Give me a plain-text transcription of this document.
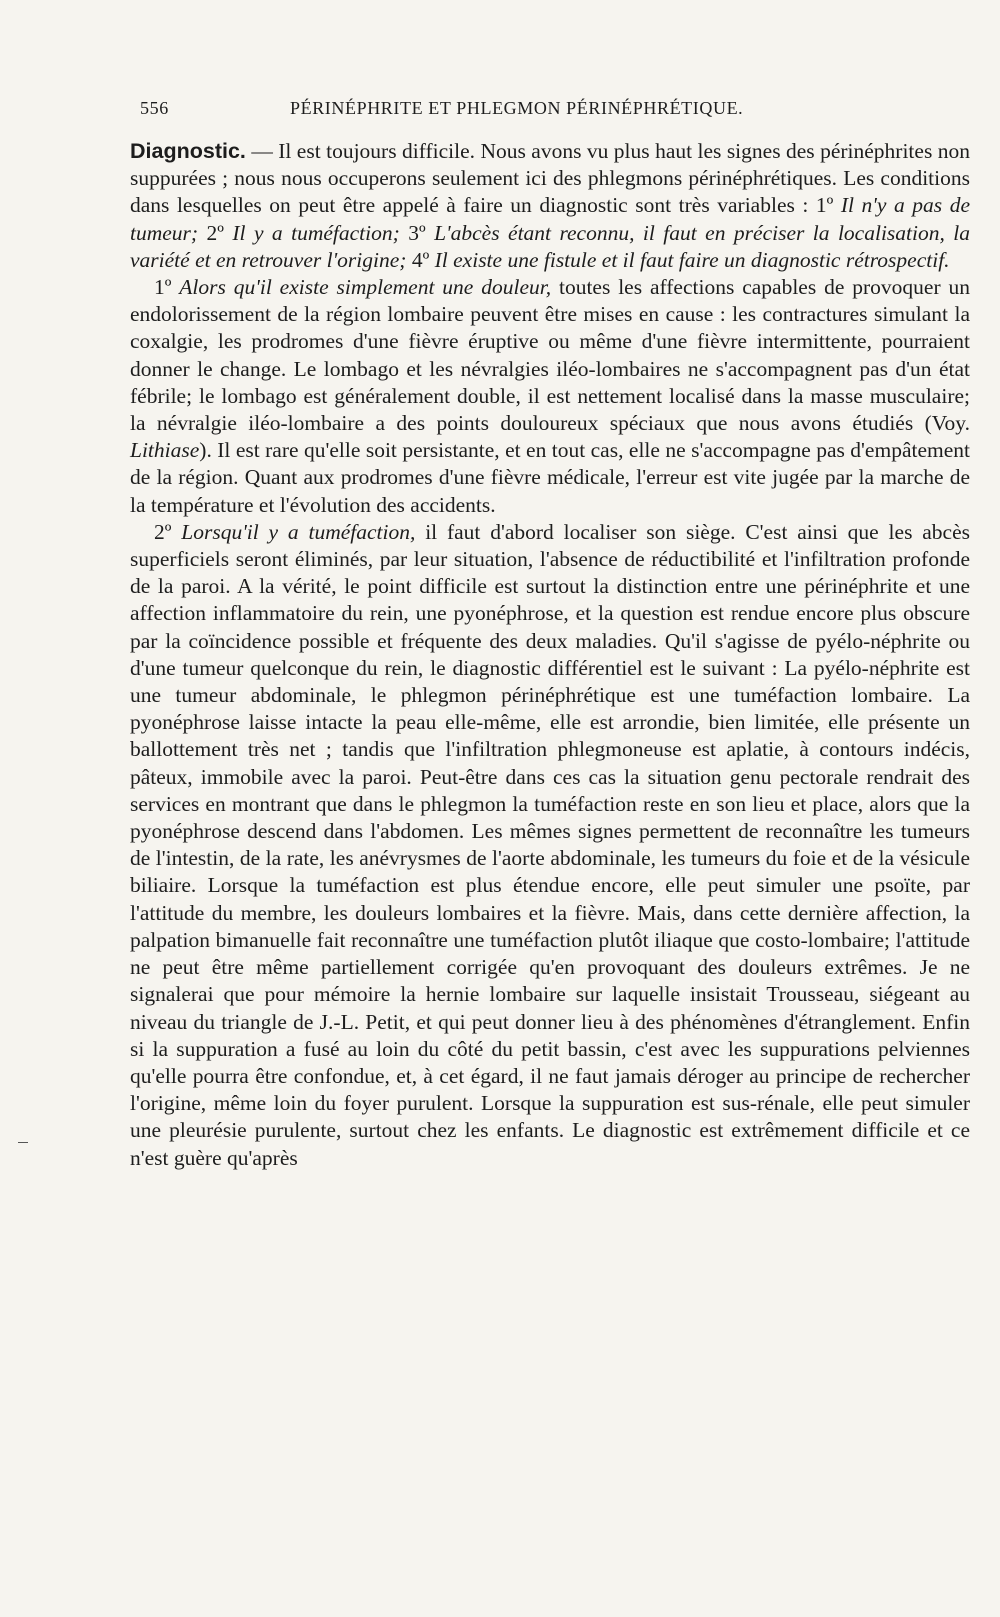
556	PÉRINÉPHRITE ET PHLEGMON PÉRINÉPHRÉTIQUE.

Diagnostic. — Il est toujours difficile. Nous avons vu plus haut les signes des périnéphrites non suppurées ; nous nous occuperons seulement ici des phlegmons périnéphrétiques. Les conditions dans lesquelles on peut être appelé à faire un diagnostic sont très variables : 1º Il n'y a pas de tumeur; 2º Il y a tuméfaction; 3º L'abcès étant reconnu, il faut en préciser la localisation, la variété et en retrouver l'origine; 4º Il existe une fistule et il faut faire un diagnostic rétrospectif.

1º Alors qu'il existe simplement une douleur, toutes les affections capables de provoquer un endolorissement de la région lombaire peuvent être mises en cause : les contractures simulant la coxalgie, les prodromes d'une fièvre éruptive ou même d'une fièvre intermittente, pourraient donner le change. Le lombago et les névralgies iléo-lombaires ne s'accompagnent pas d'un état fébrile; le lombago est généralement double, il est nettement localisé dans la masse musculaire; la névralgie iléo-lombaire a des points douloureux spéciaux que nous avons étudiés (Voy. Lithiase). Il est rare qu'elle soit persistante, et en tout cas, elle ne s'accompagne pas d'empâtement de la région. Quant aux prodromes d'une fièvre médicale, l'erreur est vite jugée par la marche de la température et l'évolution des accidents.

2º Lorsqu'il y a tuméfaction, il faut d'abord localiser son siège. C'est ainsi que les abcès superficiels seront éliminés, par leur situation, l'absence de réductibilité et l'infiltration profonde de la paroi. A la vérité, le point difficile est surtout la distinction entre une périnéphrite et une affection inflammatoire du rein, une pyonéphrose, et la question est rendue encore plus obscure par la coïncidence possible et fréquente des deux maladies. Qu'il s'agisse de pyélo-néphrite ou d'une tumeur quelconque du rein, le diagnostic différentiel est le suivant : La pyélo-néphrite est une tumeur abdominale, le phlegmon périnéphrétique est une tuméfaction lombaire. La pyonéphrose laisse intacte la peau elle-même, elle est arrondie, bien limitée, elle présente un ballottement très net ; tandis que l'infiltration phlegmoneuse est aplatie, à contours indécis, pâteux, immobile avec la paroi. Peut-être dans ces cas la situation genu pectorale rendrait des services en montrant que dans le phlegmon la tuméfaction reste en son lieu et place, alors que la pyonéphrose descend dans l'abdomen. Les mêmes signes permettent de reconnaître les tumeurs de l'intestin, de la rate, les anévrysmes de l'aorte abdominale, les tumeurs du foie et de la vésicule biliaire. Lorsque la tuméfaction est plus étendue encore, elle peut simuler une psoïte, par l'attitude du membre, les douleurs lombaires et la fièvre. Mais, dans cette dernière affection, la palpation bimanuelle fait reconnaître une tuméfaction plutôt iliaque que costo-lombaire; l'attitude ne peut être même partiellement corrigée qu'en provoquant des douleurs extrêmes. Je ne signalerai que pour mémoire la hernie lombaire sur laquelle insistait Trousseau, siégeant au niveau du triangle de J.-L. Petit, et qui peut donner lieu à des phénomènes d'étranglement. Enfin si la suppuration a fusé au loin du côté du petit bassin, c'est avec les suppurations pelviennes qu'elle pourra être confondue, et, à cet égard, il ne faut jamais déroger au principe de rechercher l'origine, même loin du foyer purulent. Lorsque la suppuration est sus-rénale, elle peut simuler une pleurésie purulente, surtout chez les enfants. Le diagnostic est extrêmement difficile et ce n'est guère qu'après
